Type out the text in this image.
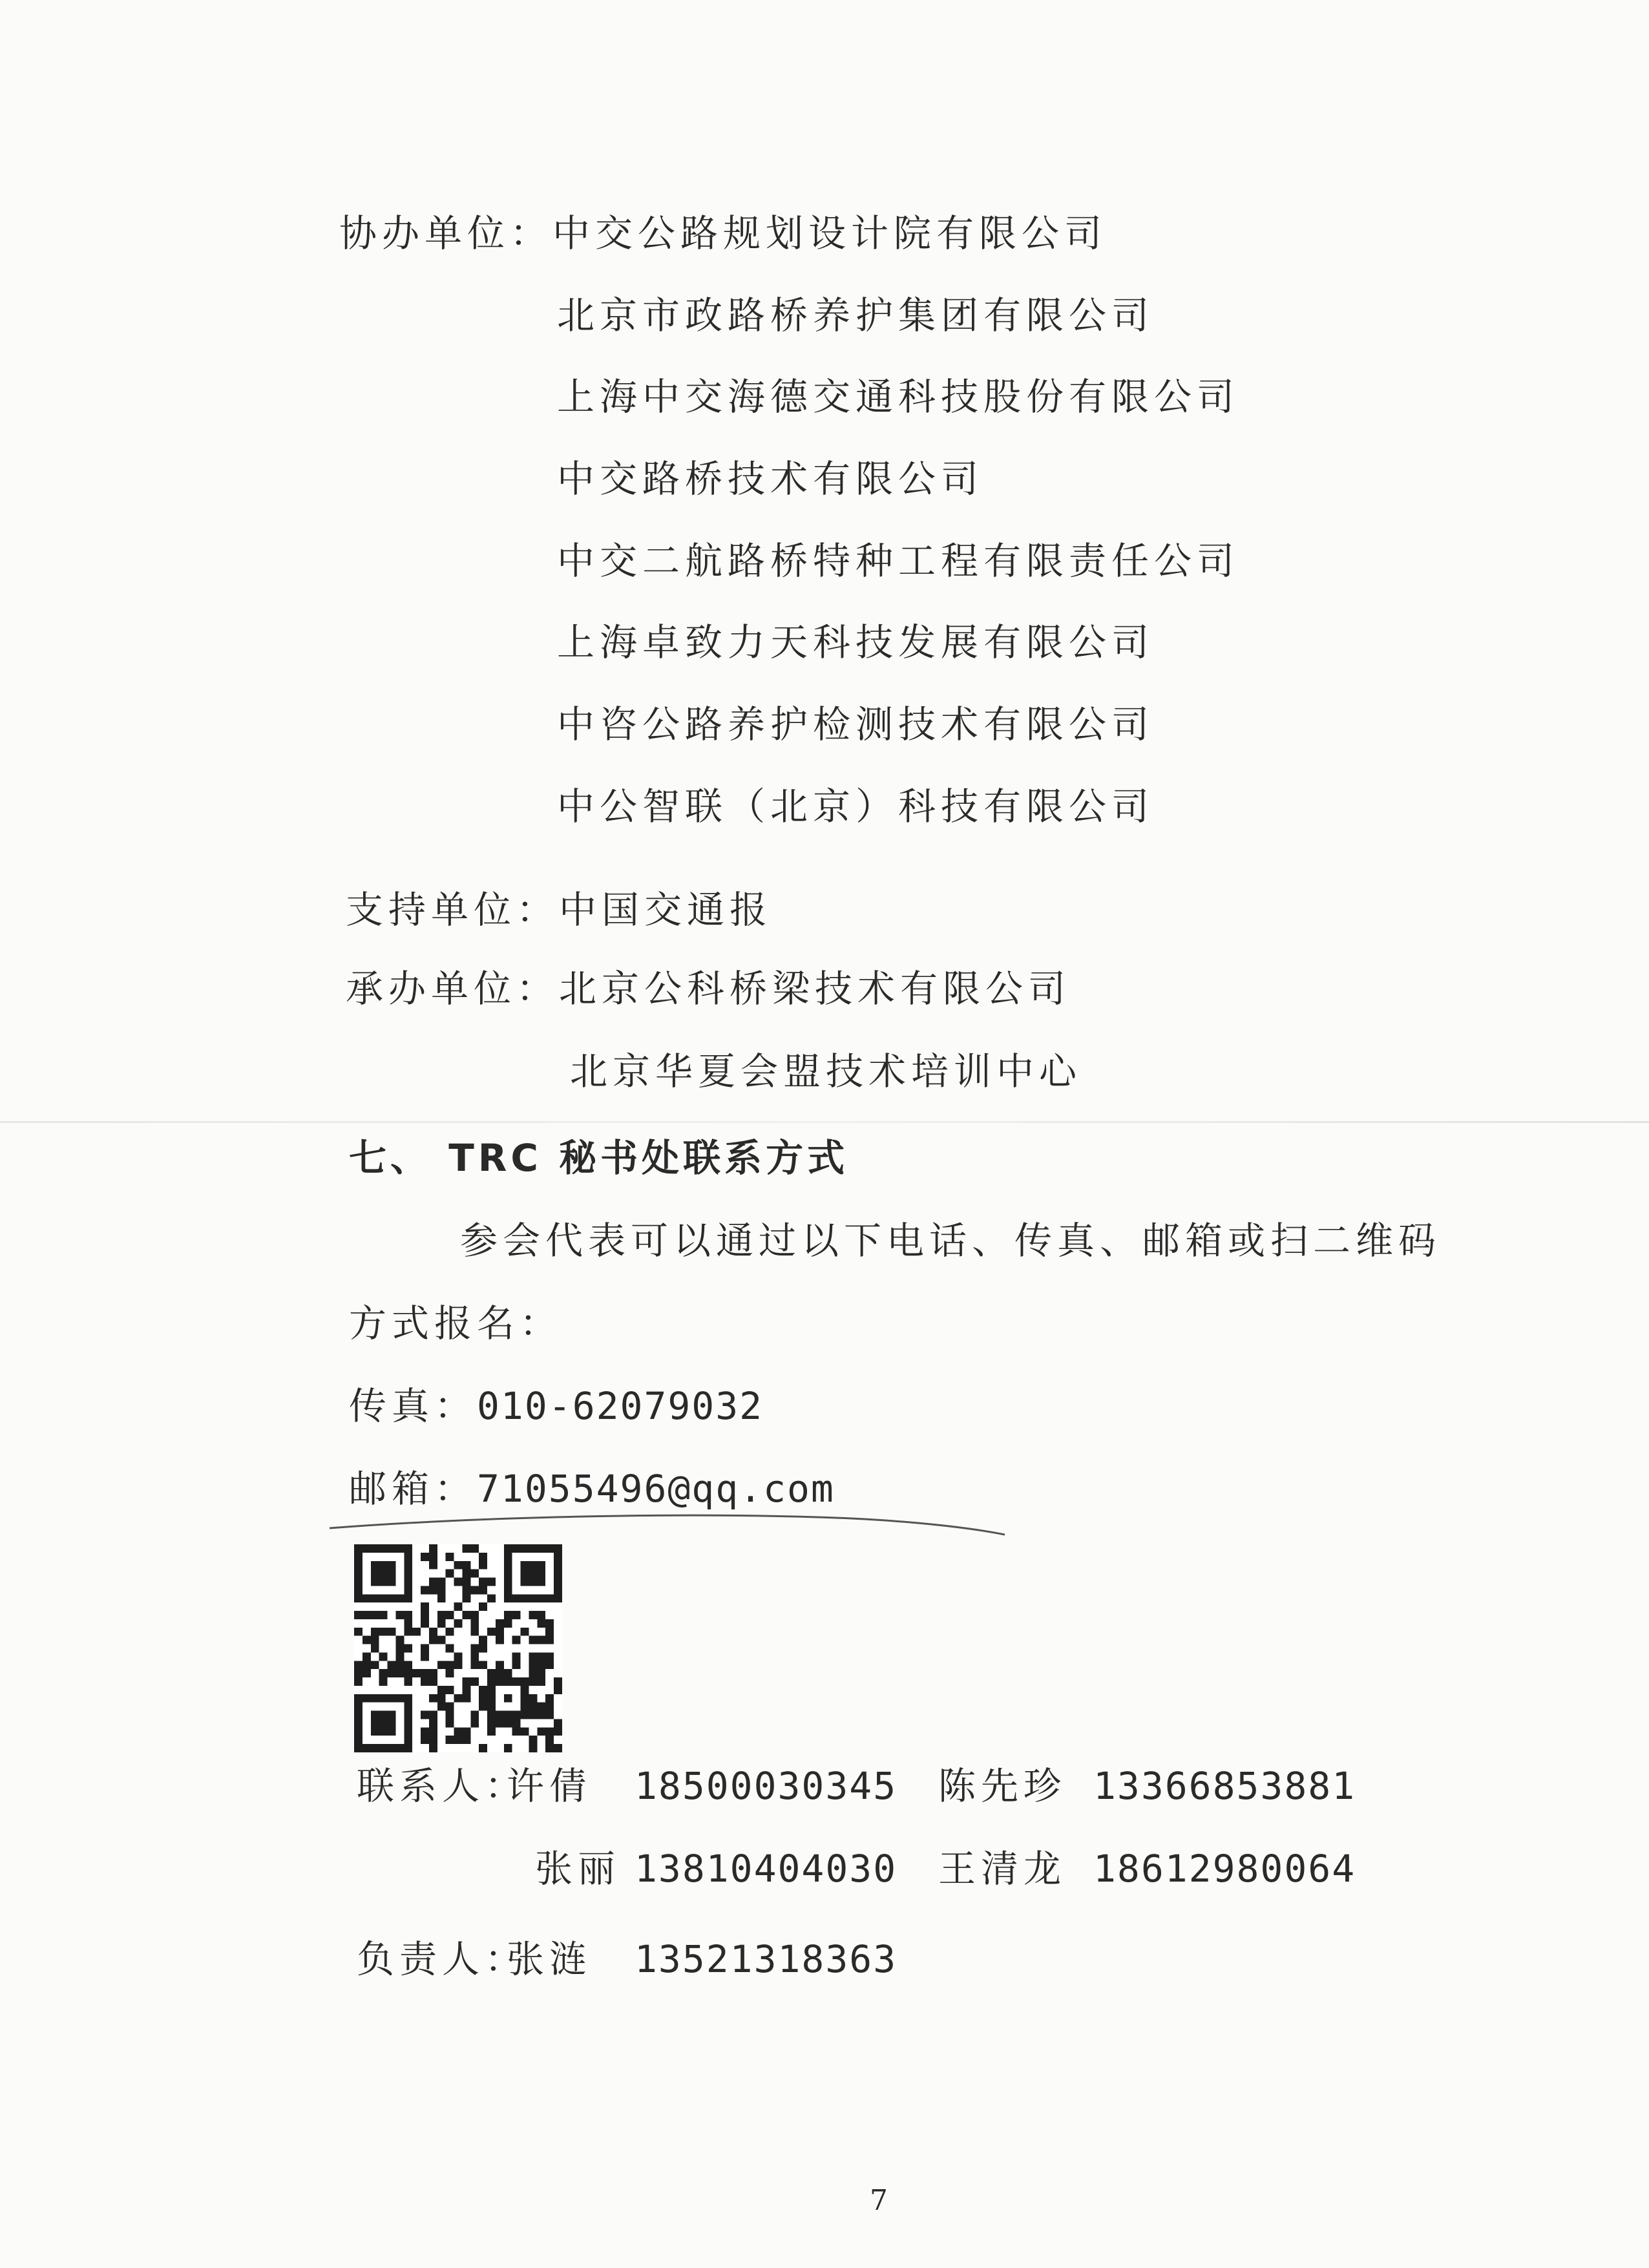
协办单位：中交公路规划设计院有限公司
北京市政路桥养护集团有限公司
上海中交海德交通科技股份有限公司
中交路桥技术有限公司
中交二航路桥特种工程有限责任公司
上海卓致力天科技发展有限公司
中咨公路养护检测技术有限公司
中公智联（北京）科技有限公司
支持单位：中国交通报
承办单位：北京公科桥梁技术有限公司
北京华夏会盟技术培训中心
七、 TRC 秘书处联系方式
参会代表可以通过以下电话、传真、邮箱或扫二维码
方式报名：
传真：010-62079032
邮箱：71055496@qq.com
联系人：
许倩 18500030345 陈先珍 13366853881
张丽 13810404030 王清龙 18612980064
负责人：
张涟 13521318363
7
